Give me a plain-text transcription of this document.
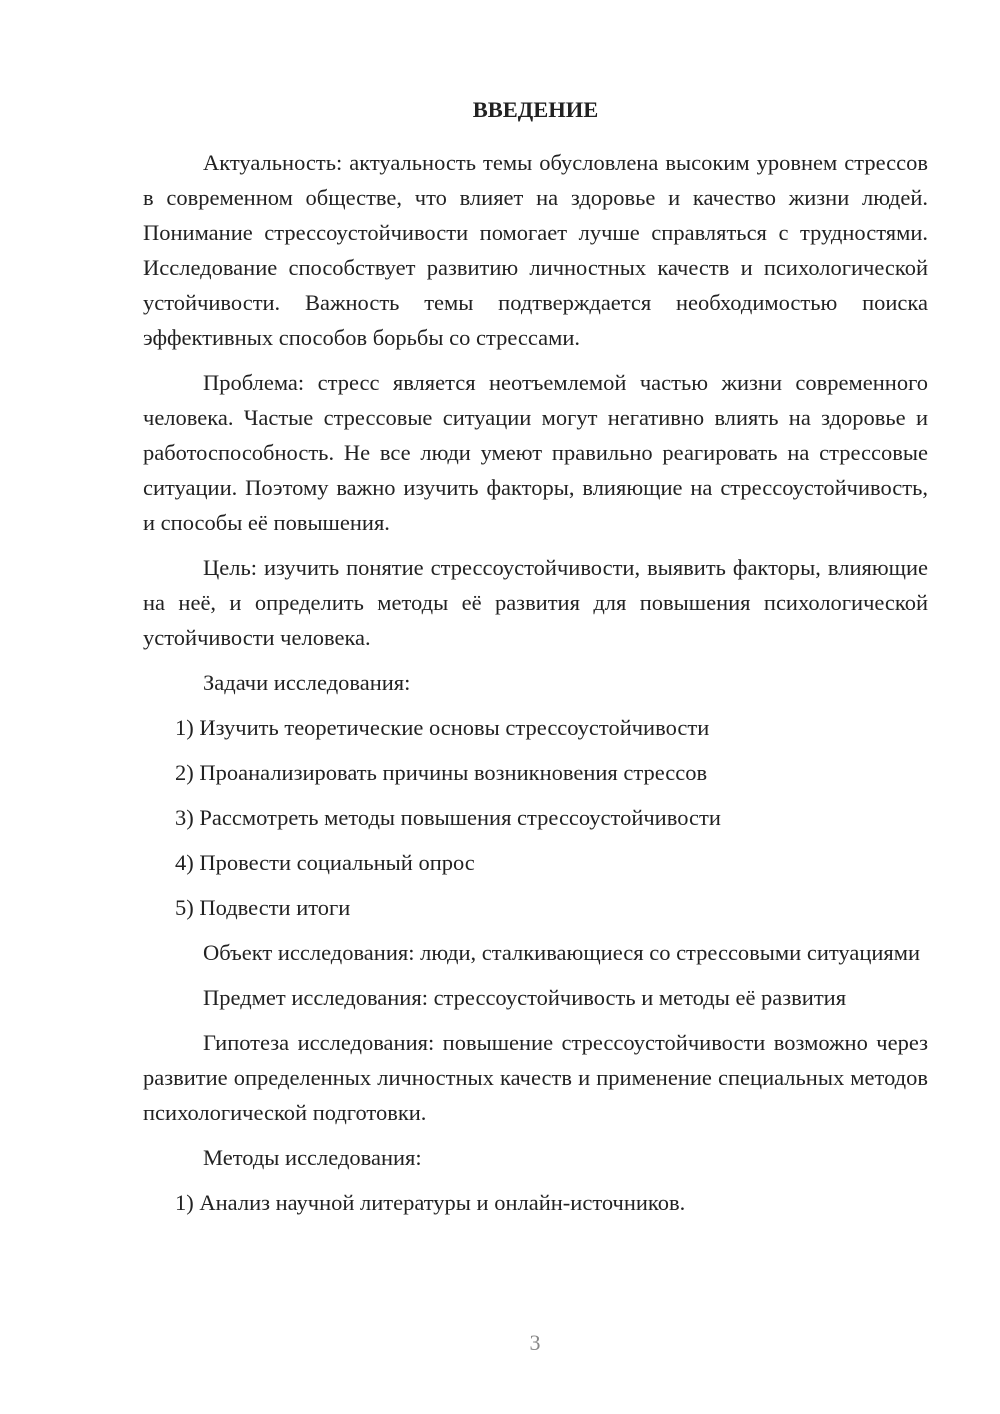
ВВЕДЕНИЕ

Актуальность: актуальность темы обусловлена высоким уровнем стрессов в современном обществе, что влияет на здоровье и качество жизни людей. Понимание стрессоустойчивости помогает лучше справляться с трудностями. Исследование способствует развитию личностных качеств и психологической устойчивости. Важность темы подтверждается необходимостью поиска эффективных способов борьбы со стрессами.

Проблема: стресс является неотъемлемой частью жизни современного человека. Частые стрессовые ситуации могут негативно влиять на здоровье и работоспособность. Не все люди умеют правильно реагировать на стрессовые ситуации. Поэтому важно изучить факторы, влияющие на стрессоустойчивость, и способы её повышения.

Цель: изучить понятие стрессоустойчивости, выявить факторы, влияющие на неё, и определить методы её развития для повышения психологической устойчивости человека.

Задачи исследования:

1) Изучить теоретические основы стрессоустойчивости
2) Проанализировать причины возникновения стрессов
3) Рассмотреть методы повышения стрессоустойчивости
4) Провести социальный опрос
5) Подвести итоги

Объект исследования: люди, сталкивающиеся со стрессовыми ситуациями

Предмет исследования: стрессоустойчивость и методы её развития

Гипотеза исследования: повышение стрессоустойчивости возможно через развитие определенных личностных качеств и применение специальных методов психологической подготовки.

Методы исследования:

1) Анализ научной литературы и онлайн-источников.
3
